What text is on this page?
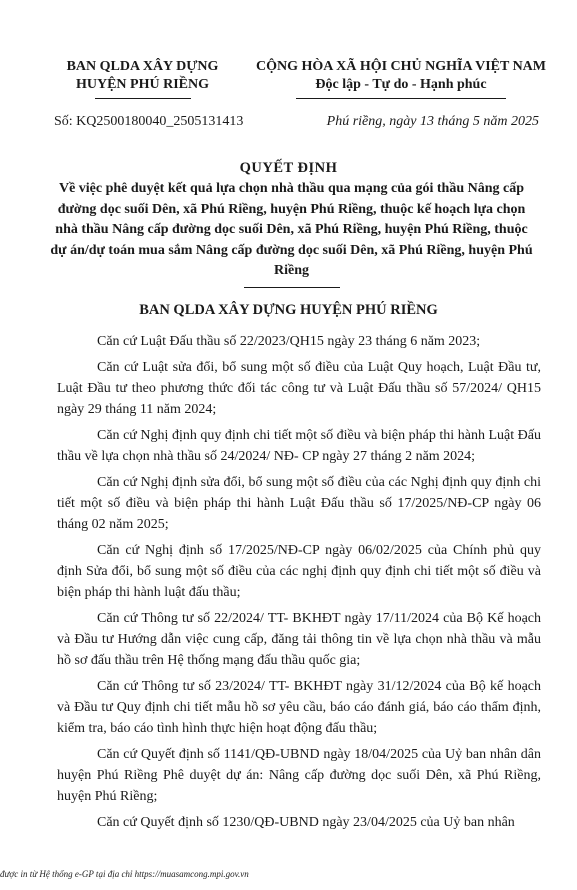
BAN QLDA XÂY DỰNG
HUYỆN PHÚ RIỀNG
CỘNG HÒA XÃ HỘI CHỦ NGHĨA VIỆT NAM
Độc lập - Tự do - Hạnh phúc
Số: KQ2500180040_2505131413	Phú riềng, ngày 13 tháng 5 năm 2025
QUYẾT ĐỊNH
Về việc phê duyệt kết quả lựa chọn nhà thầu qua mạng của gói thầu Nâng cấp đường dọc suối Dên, xã Phú Riềng, huyện Phú Riềng, thuộc kế hoạch lựa chọn nhà thầu Nâng cấp đường dọc suối Dên, xã Phú Riềng, huyện Phú Riềng, thuộc dự án/dự toán mua sắm Nâng cấp đường dọc suối Dên, xã Phú Riềng, huyện Phú Riềng
BAN QLDA XÂY DỰNG HUYỆN PHÚ RIỀNG

Căn cứ Luật Đấu thầu số 22/2023/QH15 ngày 23 tháng 6 năm 2023;

Căn cứ Luật sửa đổi, bổ sung một số điều của Luật Quy hoạch, Luật Đầu tư, Luật Đầu tư theo phương thức đối tác công tư và Luật Đấu thầu số 57/2024/ QH15 ngày 29 tháng 11 năm 2024;

Căn cứ Nghị định quy định chi tiết một số điều và biện pháp thi hành Luật Đấu thầu về lựa chọn nhà thầu số 24/2024/ NĐ- CP ngày 27 tháng 2 năm 2024;

Căn cứ Nghị định sửa đổi, bổ sung một số điều của các Nghị định quy định chi tiết một số điều và biện pháp thi hành Luật Đấu thầu số 17/2025/NĐ-CP ngày 06 tháng 02 năm 2025;

Căn cứ Nghị định số 17/2025/NĐ-CP ngày 06/02/2025 của Chính phủ quy định Sửa đổi, bổ sung một số điều của các nghị định quy định chi tiết một số điều và biện pháp thi hành luật đấu thầu;

Căn cứ Thông tư số 22/2024/ TT- BKHĐT ngày 17/11/2024 của Bộ Kế hoạch và Đầu tư Hướng dẫn việc cung cấp, đăng tải thông tin về lựa chọn nhà thầu và mẫu hồ sơ đấu thầu trên Hệ thống mạng đấu thầu quốc gia;

Căn cứ Thông tư số 23/2024/ TT- BKHĐT ngày 31/12/2024 của Bộ kế hoạch và Đầu tư Quy định chi tiết mẫu hồ sơ yêu cầu, báo cáo đánh giá, báo cáo thẩm định, kiểm tra, báo cáo tình hình thực hiện hoạt động đấu thầu;

Căn cứ Quyết định số 1141/QĐ-UBND ngày 18/04/2025 của Uỷ ban nhân dân huyện Phú Riềng Phê duyệt dự án: Nâng cấp đường dọc suối Dên, xã Phú Riềng, huyện Phú Riềng;

Căn cứ Quyết định số 1230/QĐ-UBND ngày 23/04/2025 của Uỷ ban nhân

được in từ Hệ thống e-GP tại địa chỉ https://muasamcong.mpi.gov.vn
